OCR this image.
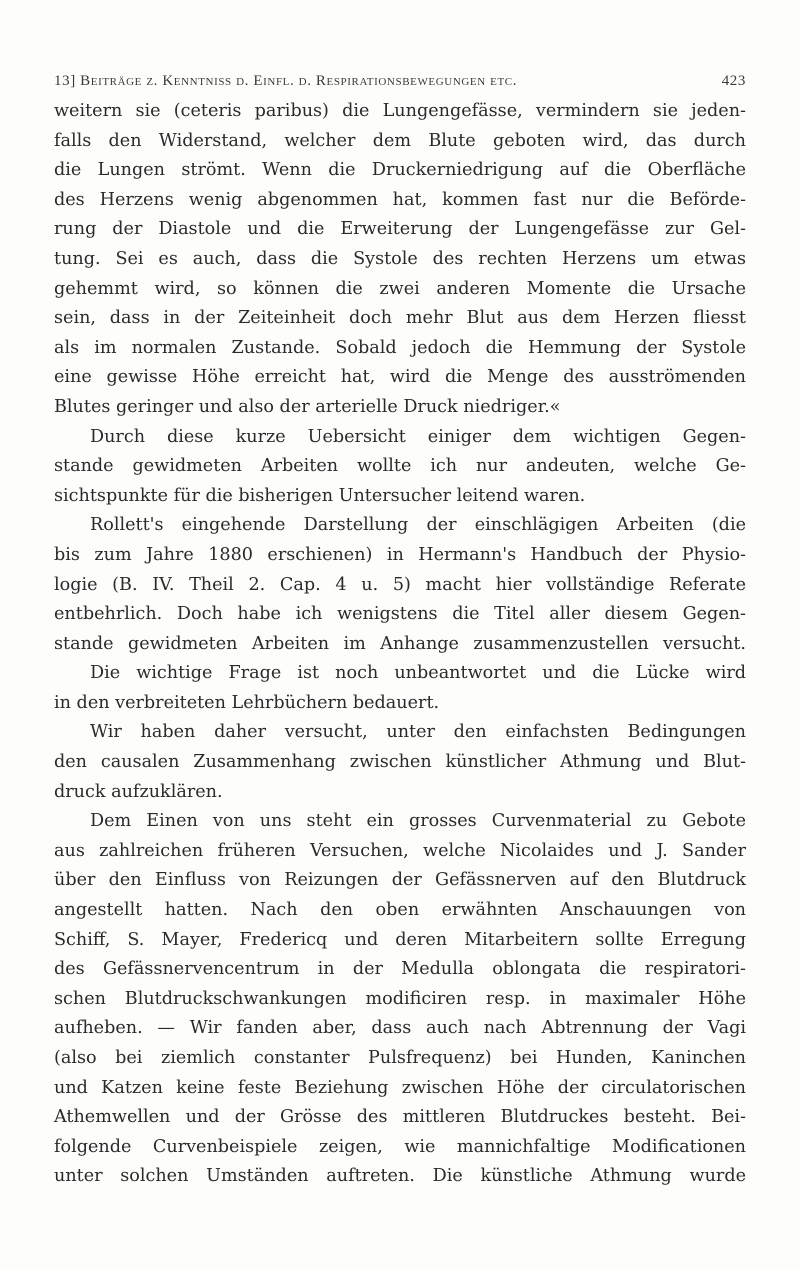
13] Beiträge z. Kenntniss d. Einfl. d. Respirationsbewegungen etc.	423
weitern sie (ceteris paribus) die Lungengefässe, vermindern sie jeden-
falls den Widerstand, welcher dem Blute geboten wird, das durch
die Lungen strömt. Wenn die Druckerniedrigung auf die Oberfläche
des Herzens wenig abgenommen hat, kommen fast nur die Beförde-
rung der Diastole und die Erweiterung der Lungengefässe zur Gel-
tung. Sei es auch, dass die Systole des rechten Herzens um etwas
gehemmt wird, so können die zwei anderen Momente die Ursache
sein, dass in der Zeiteinheit doch mehr Blut aus dem Herzen fliesst
als im normalen Zustande. Sobald jedoch die Hemmung der Systole
eine gewisse Höhe erreicht hat, wird die Menge des ausströmenden
Blutes geringer und also der arterielle Druck niedriger.«
Durch diese kurze Uebersicht einiger dem wichtigen Gegen-
stande gewidmeten Arbeiten wollte ich nur andeuten, welche Ge-
sichtspunkte für die bisherigen Untersucher leitend waren.
Rollett's eingehende Darstellung der einschlägigen Arbeiten (die
bis zum Jahre 1880 erschienen) in Hermann's Handbuch der Physio-
logie (B. IV. Theil 2. Cap. 4 u. 5) macht hier vollständige Referate
entbehrlich. Doch habe ich wenigstens die Titel aller diesem Gegen-
stande gewidmeten Arbeiten im Anhange zusammenzustellen versucht.
Die wichtige Frage ist noch unbeantwortet und die Lücke wird
in den verbreiteten Lehrbüchern bedauert.
Wir haben daher versucht, unter den einfachsten Bedingungen
den causalen Zusammenhang zwischen künstlicher Athmung und Blut-
druck aufzuklären.
Dem Einen von uns steht ein grosses Curvenmaterial zu Gebote
aus zahlreichen früheren Versuchen, welche Nicolaides und J. Sander
über den Einfluss von Reizungen der Gefässnerven auf den Blutdruck
angestellt hatten. Nach den oben erwähnten Anschauungen von
Schiff, S. Mayer, Fredericq und deren Mitarbeitern sollte Erregung
des Gefässnervencentrum in der Medulla oblongata die respiratori-
schen Blutdruckschwankungen modificiren resp. in maximaler Höhe
aufheben. — Wir fanden aber, dass auch nach Abtrennung der Vagi
(also bei ziemlich constanter Pulsfrequenz) bei Hunden, Kaninchen
und Katzen keine feste Beziehung zwischen Höhe der circulatorischen
Athemwellen und der Grösse des mittleren Blutdruckes besteht. Bei-
folgende Curvenbeispiele zeigen, wie mannichfaltige Modificationen
unter solchen Umständen auftreten. Die künstliche Athmung wurde
